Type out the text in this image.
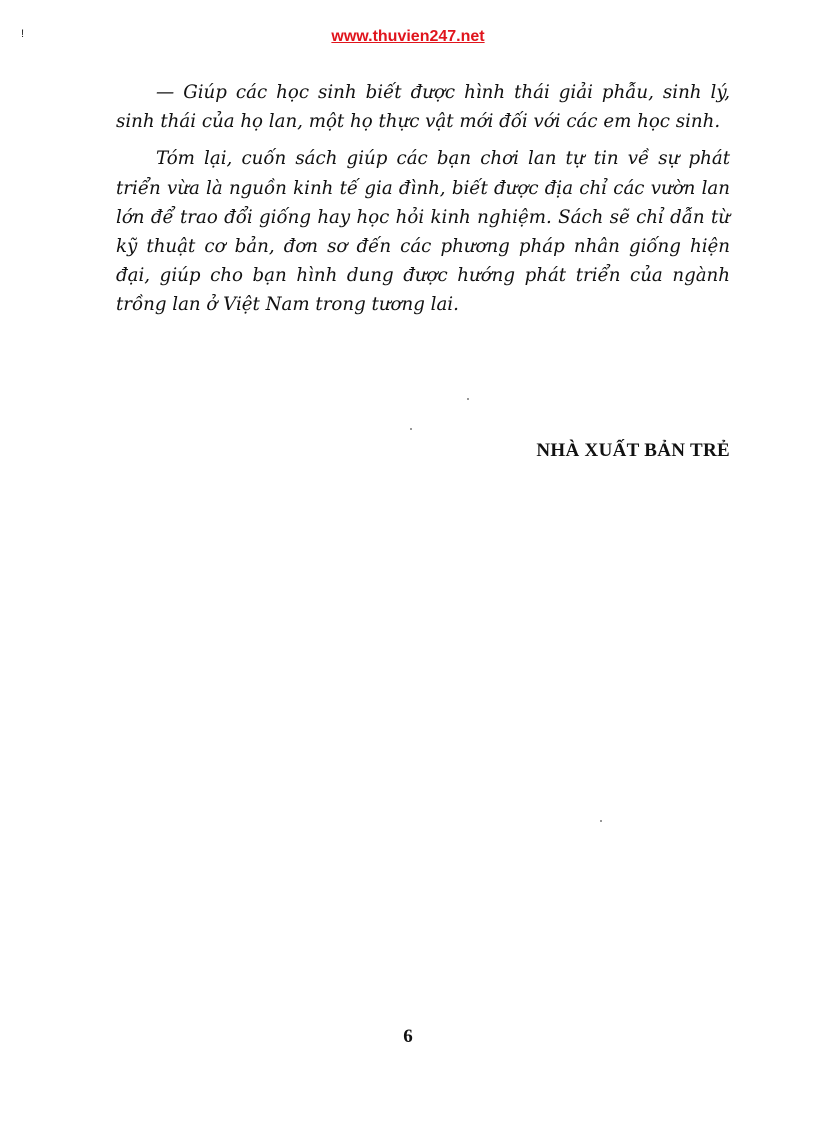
!	www.thuvien247.net

— Giúp các học sinh biết được hình thái giải phẫu, sinh lý, sinh thái của họ lan, một họ thực vật mới đối với các em học sinh.

Tóm lại, cuốn sách giúp các bạn chơi lan tự tin về sự phát triển vừa là nguồn kinh tế gia đình, biết được địa chỉ các vườn lan lớn để trao đổi giống hay học hỏi kinh nghiệm. Sách sẽ chỉ dẫn từ kỹ thuật cơ bản, đơn sơ đến các phương pháp nhân giống hiện đại, giúp cho bạn hình dung được hướng phát triển của ngành trồng lan ở Việt Nam trong tương lai.

NHÀ XUẤT BẢN TRẺ
6
